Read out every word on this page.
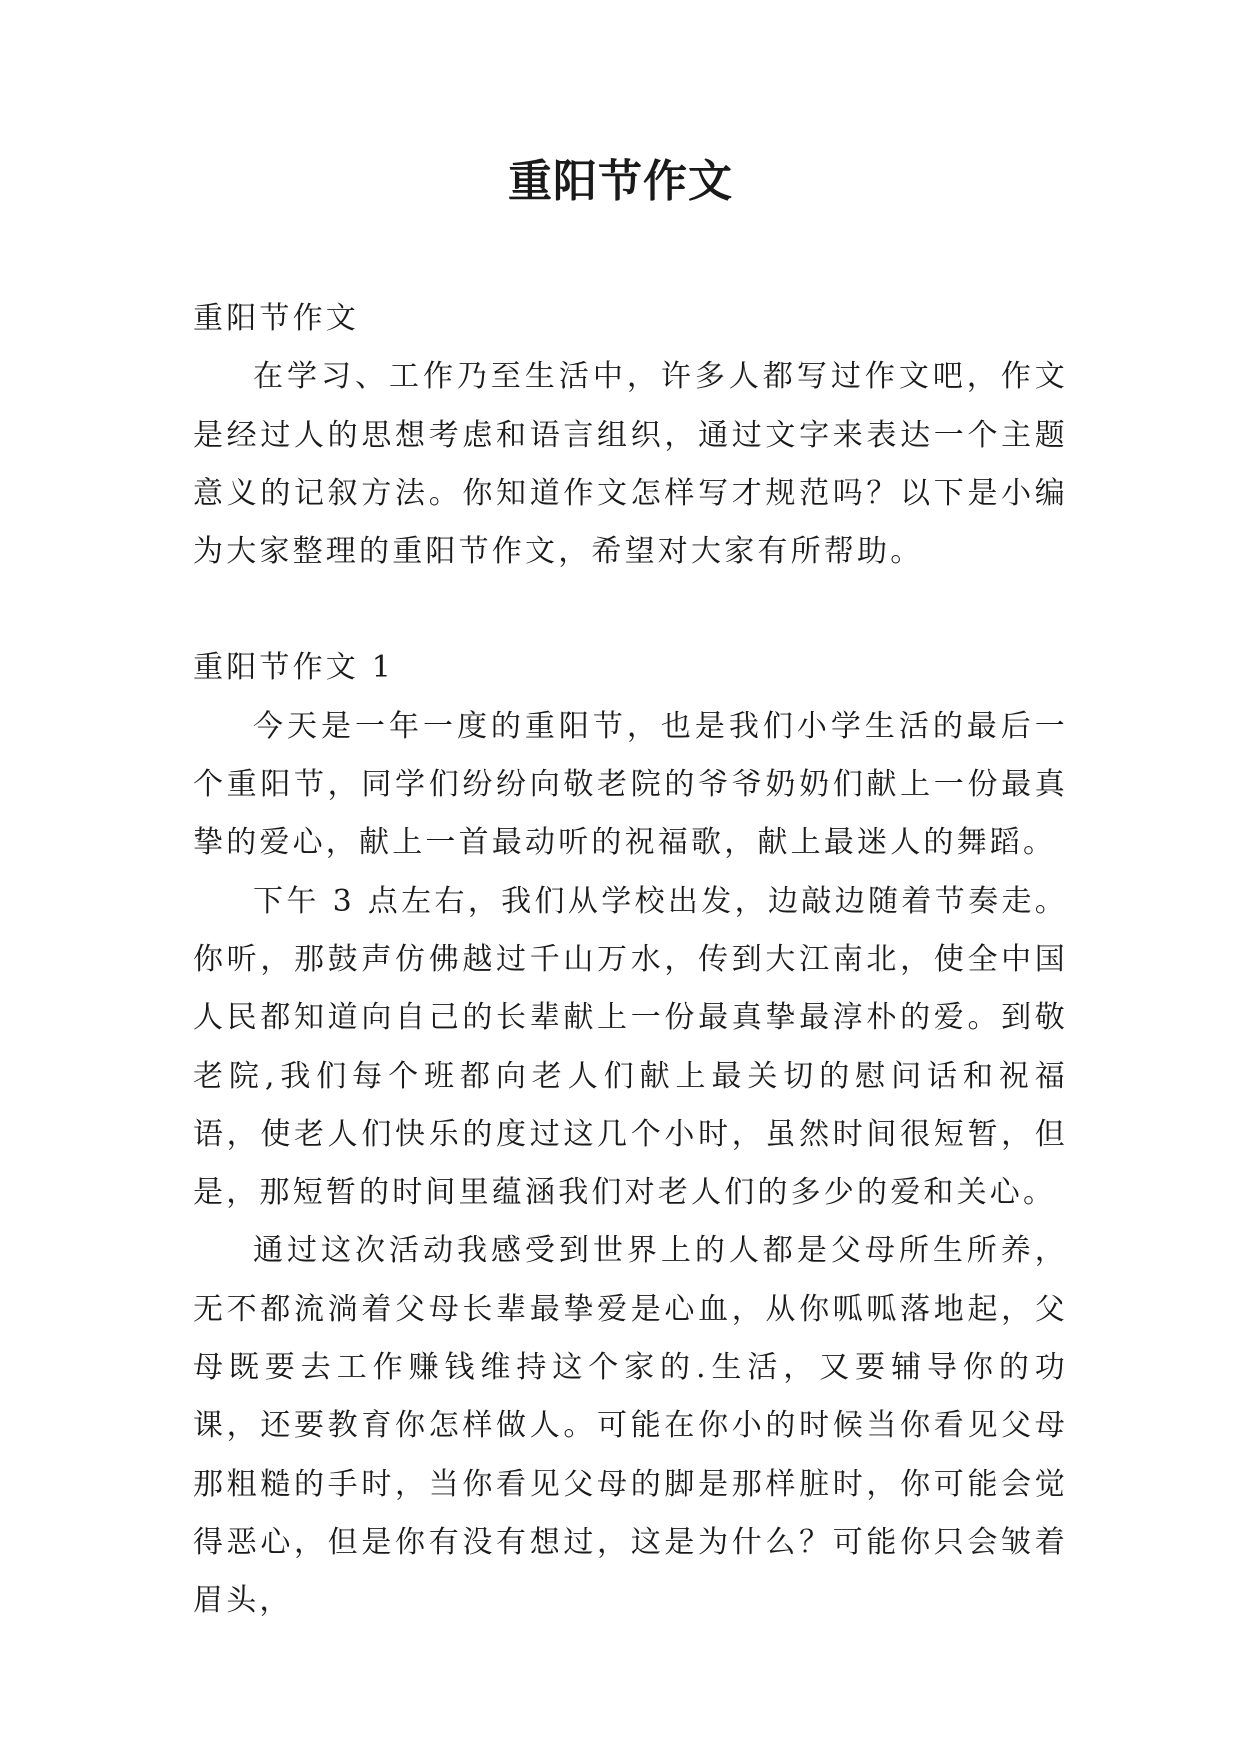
重阳节作文

重阳节作文

在学习、工作乃至生活中，许多人都写过作文吧，作文是经过人的思想考虑和语言组织，通过文字来表达一个主题意义的记叙方法。你知道作文怎样写才规范吗？以下是小编为大家整理的重阳节作文，希望对大家有所帮助。

重阳节作文 1

今天是一年一度的重阳节，也是我们小学生活的最后一个重阳节，同学们纷纷向敬老院的爷爷奶奶们献上一份最真挚的爱心，献上一首最动听的祝福歌，献上最迷人的舞蹈。

下午 3 点左右，我们从学校出发，边敲边随着节奏走。你听，那鼓声仿佛越过千山万水，传到大江南北，使全中国人民都知道向自己的长辈献上一份最真挚最淳朴的爱。到敬老院,我们每个班都向老人们献上最关切的慰问话和祝福语，使老人们快乐的度过这几个小时，虽然时间很短暂，但是，那短暂的时间里蕴涵我们对老人们的多少的爱和关心。

通过这次活动我感受到世界上的人都是父母所生所养，无不都流淌着父母长辈最挚爱是心血，从你呱呱落地起，父母既要去工作赚钱维持这个家的.生活，又要辅导你的功课，还要教育你怎样做人。可能在你小的时候当你看见父母那粗糙的手时，当你看见父母的脚是那样脏时，你可能会觉得恶心，但是你有没有想过，这是为什么？可能你只会皱着眉头，
